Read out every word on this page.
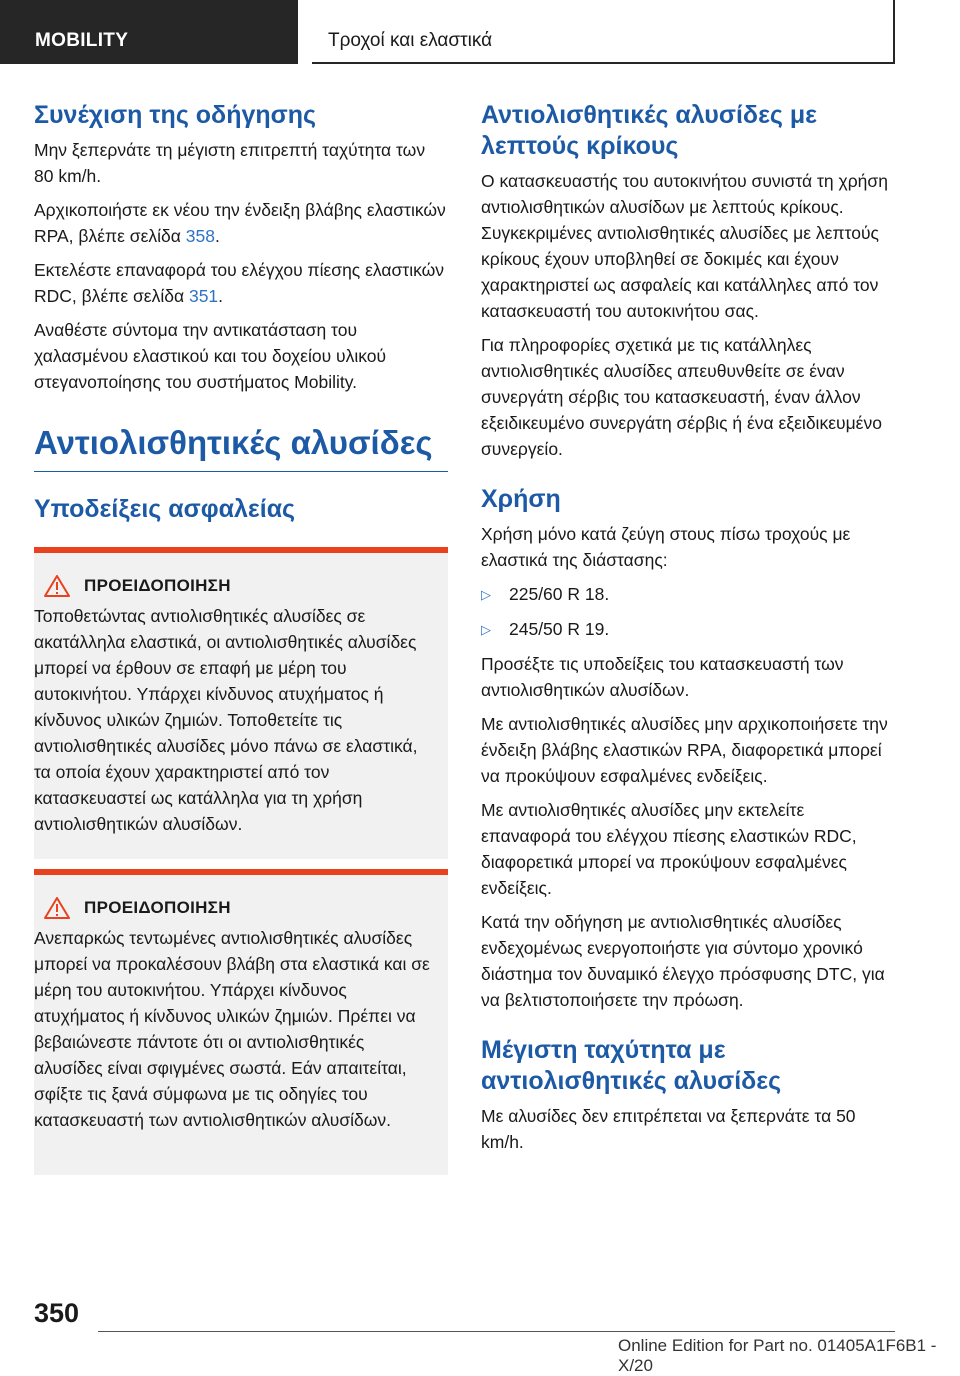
MOBILITY	Τροχοί και ελαστικά
Συνέχιση της οδήγησης

Μην ξεπερνάτε τη μέγιστη επιτρεπτή ταχύτητα των 80 km/h.

Αρχικοποιήστε εκ νέου την ένδειξη βλάβης ελαστικών RPA, βλέπε σελίδα 358.

Εκτελέστε επαναφορά του ελέγχου πίεσης ελαστικών RDC, βλέπε σελίδα 351.

Αναθέστε σύντομα την αντικατάσταση του χαλασμένου ελαστικού και του δοχείου υλικού στεγανοποίησης του συστήματος Mobility.

Αντιολισθητικές αλυσίδες
Υποδείξεις ασφαλείας
ΠΡΟΕΙΔΟΠΟΙΗΣΗ

Τοποθετώντας αντιολισθητικές αλυσίδες σε ακατάλληλα ελαστικά, οι αντιολισθητικές αλυσίδες μπορεί να έρθουν σε επαφή με μέρη του αυτοκινήτου. Υπάρχει κίνδυνος ατυχήματος ή κίνδυνος υλικών ζημιών. Τοποθετείτε τις αντιολισθητικές αλυσίδες μόνο πάνω σε ελαστικά, τα οποία έχουν χαρακτηριστεί από τον κατασκευαστεί ως κατάλληλα για τη χρήση αντιολισθητικών αλυσίδων.

ΠΡΟΕΙΔΟΠΟΙΗΣΗ

Ανεπαρκώς τεντωμένες αντιολισθητικές αλυσίδες μπορεί να προκαλέσουν βλάβη στα ελαστικά και σε μέρη του αυτοκινήτου. Υπάρχει κίνδυνος ατυχήματος ή κίνδυνος υλικών ζημιών. Πρέπει να βεβαιώνεστε πάντοτε ότι οι αντιολισθητικές αλυσίδες είναι σφιγμένες σωστά. Εάν απαιτείται, σφίξτε τις ξανά σύμφωνα με τις οδηγίες του κατασκευαστή των αντιολισθητικών αλυσίδων.

Αντιολισθητικές αλυσίδες με λεπτούς κρίκους

Ο κατασκευαστής του αυτοκινήτου συνιστά τη χρήση αντιολισθητικών αλυσίδων με λεπτούς κρίκους. Συγκεκριμένες αντιολισθητικές αλυσίδες με λεπτούς κρίκους έχουν υποβληθεί σε δοκιμές και έχουν χαρακτηριστεί ως ασφαλείς και κατάλληλες από τον κατασκευαστή του αυτοκινήτου σας.

Για πληροφορίες σχετικά με τις κατάλληλες αντιολισθητικές αλυσίδες απευθυνθείτε σε έναν συνεργάτη σέρβις του κατασκευαστή, έναν άλλον εξειδικευμένο συνεργάτη σέρβις ή ένα εξειδικευμένο συνεργείο.

Χρήση

Χρήση μόνο κατά ζεύγη στους πίσω τροχούς με ελαστικά της διάστασης:

▷	225/60 R 18.
▷	245/50 R 19.

Προσέξτε τις υποδείξεις του κατασκευαστή των αντιολισθητικών αλυσίδων.

Με αντιολισθητικές αλυσίδες μην αρχικοποιήσετε την ένδειξη βλάβης ελαστικών RPA, διαφορετικά μπορεί να προκύψουν εσφαλμένες ενδείξεις.

Με αντιολισθητικές αλυσίδες μην εκτελείτε επαναφορά του ελέγχου πίεσης ελαστικών RDC, διαφορετικά μπορεί να προκύψουν εσφαλμένες ενδείξεις.

Κατά την οδήγηση με αντιολισθητικές αλυσίδες ενδεχομένως ενεργοποιήστε για σύντομο χρονικό διάστημα τον δυναμικό έλεγχο πρόσφυσης DTC, για να βελτιστοποιήσετε την πρόωση.

Μέγιστη ταχύτητα με αντιολισθητικές αλυσίδες

Με αλυσίδες δεν επιτρέπεται να ξεπερνάτε τα 50 km/h.

350
Online Edition for Part no. 01405A1F6B1 - X/20
